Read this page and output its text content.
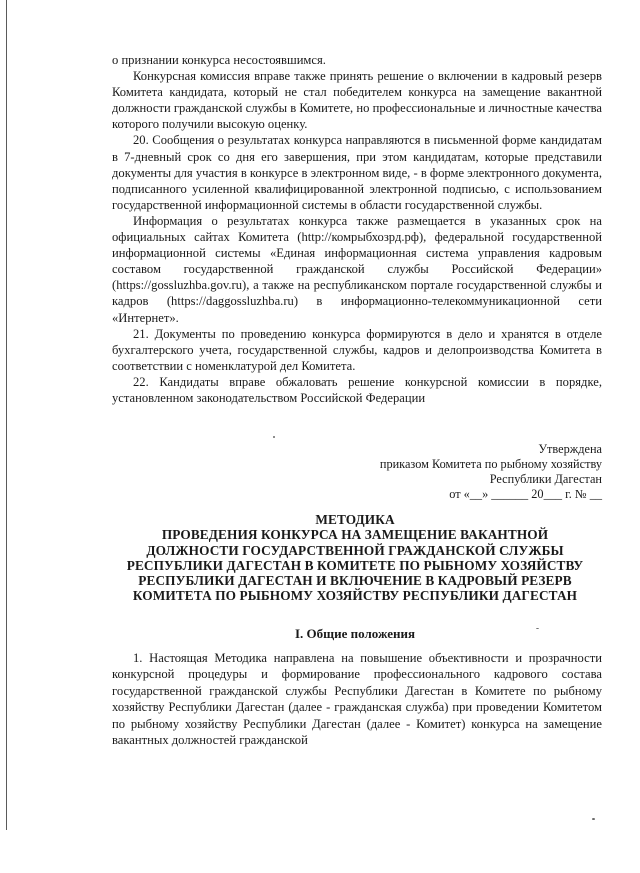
о признании конкурса несостоявшимся.

Конкурсная комиссия вправе также принять решение о включении в кадровый резерв Комитета кандидата, который не стал победителем конкурса на замещение вакантной должности гражданской службы в Комитете, но профессиональные и личностные качества которого получили высокую оценку.

20. Сообщения о результатах конкурса направляются в письменной форме кандидатам в 7-дневный срок со дня его завершения, при этом кандидатам, которые представили документы для участия в конкурсе в электронном виде, - в форме электронного документа, подписанного усиленной квалифицированной электронной подписью, с использованием государственной информационной системы в области государственной службы.

Информация о результатах конкурса также размещается в указанных срок на официальных сайтах Комитета (http://комрыбхозрд.рф), федеральной государственной информационной системы «Единая информационная система управления кадровым составом государственной гражданской службы Российской Федерации» (https://gossluzhba.gov.ru), а также на республиканском портале государственной службы и кадров (https://daggossluzhba.ru) в информационно-телекоммуникационной сети «Интернет».

21. Документы по проведению конкурса формируются в дело и хранятся в отделе бухгалтерского учета, государственной службы, кадров и делопроизводства Комитета в соответствии с номенклатурой дел Комитета.

22. Кандидаты вправе обжаловать решение конкурсной комиссии в порядке, установленном законодательством Российской Федерации

Утверждена
приказом Комитета по рыбному хозяйству
Республики Дагестан
от «__» ______ 20___ г. № __
МЕТОДИКА
ПРОВЕДЕНИЯ КОНКУРСА НА ЗАМЕЩЕНИЕ ВАКАНТНОЙ
ДОЛЖНОСТИ ГОСУДАРСТВЕННОЙ ГРАЖДАНСКОЙ СЛУЖБЫ
РЕСПУБЛИКИ ДАГЕСТАН В КОМИТЕТЕ ПО РЫБНОМУ ХОЗЯЙСТВУ
РЕСПУБЛИКИ ДАГЕСТАН И ВКЛЮЧЕНИЕ В КАДРОВЫЙ РЕЗЕРВ
КОМИТЕТА ПО РЫБНОМУ ХОЗЯЙСТВУ РЕСПУБЛИКИ ДАГЕСТАН
I. Общие положения

1. Настоящая Методика направлена на повышение объективности и прозрачности конкурсной процедуры и формирование профессионального кадрового состава государственной гражданской службы Республики Дагестан в Комитете по рыбному хозяйству Республики Дагестан (далее - гражданская служба) при проведении Комитетом по рыбному хозяйству Республики Дагестан (далее - Комитет) конкурса на замещение вакантных должностей гражданской
